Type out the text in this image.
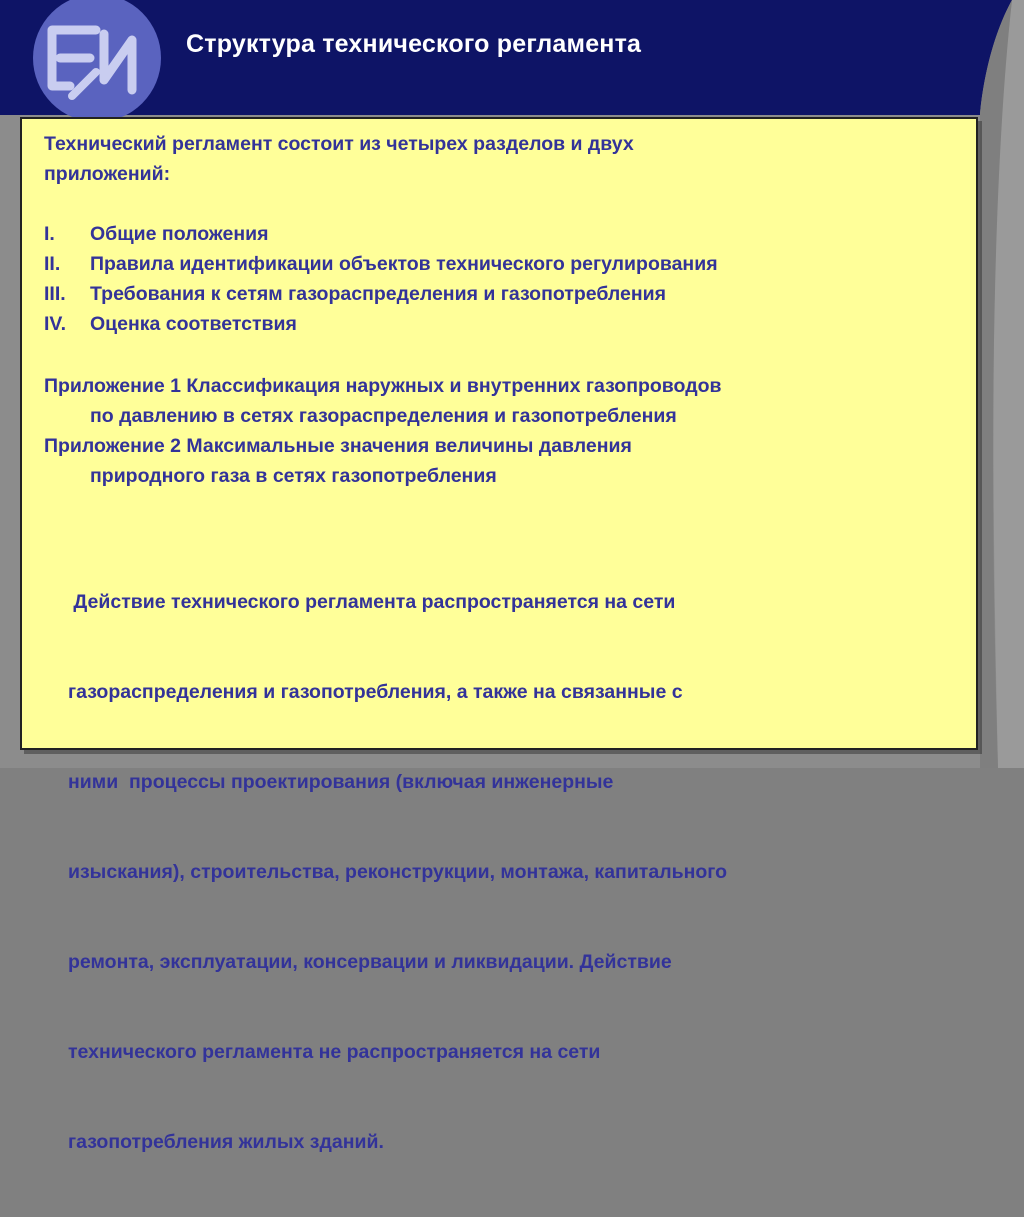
Структура технического регламента
Технический регламент состоит из четырех разделов и двух
приложений:
I. Общие положения
II. Правила идентификации объектов технического регулирования
III. Требования к сетям газораспределения и газопотребления
IV. Оценка соответствия
Приложение 1 Классификация наружных и внутренних газопроводов
по давлению в сетях газораспределения и газопотребления
Приложение 2 Максимальные значения величины давления
природного газа в сетях газопотребления

Действие технического регламента распространяется на сети

газораспределения и газопотребления, а также на связанные с

ними  процессы проектирования (включая инженерные

изыскания), строительства, реконструкции, монтажа, капитального

ремонта, эксплуатации, консервации и ликвидации. Действие

технического регламента не распространяется на сети

газопотребления жилых зданий.
